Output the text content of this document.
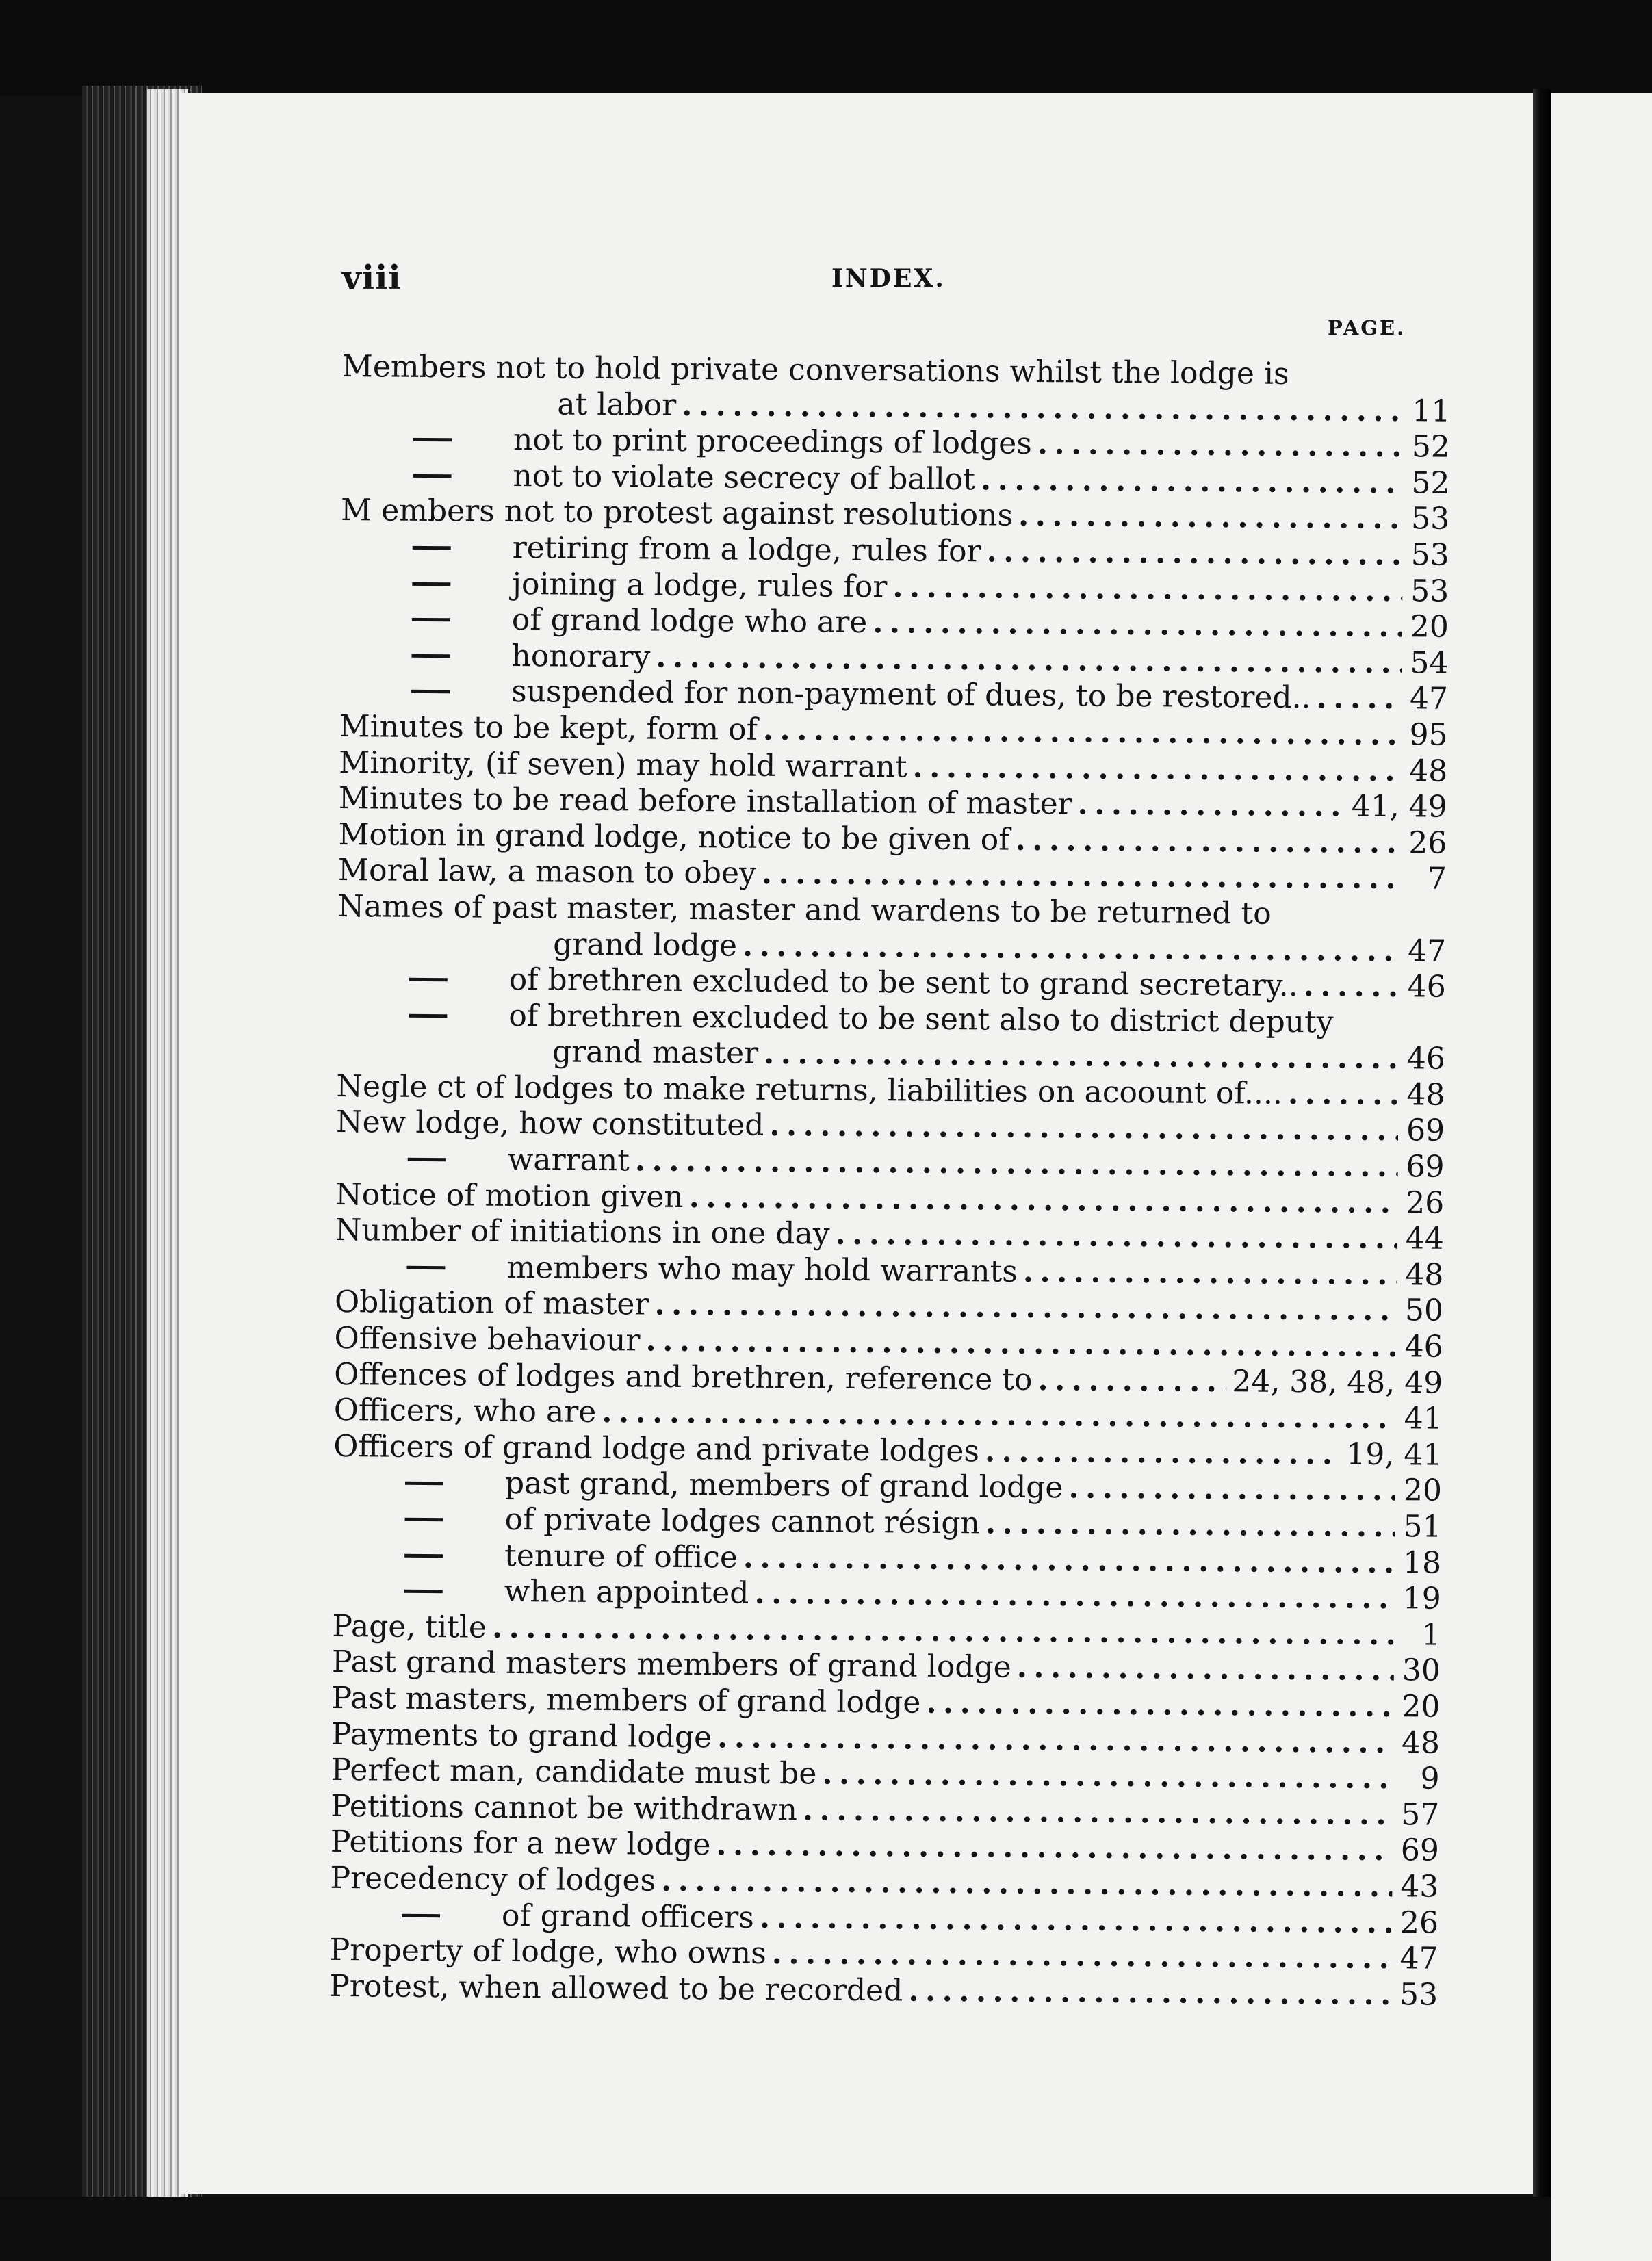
viii	INDEX.
PAGE.
Members not to hold private conversations whilst the lodge is
at labor . . .	11
not to print proceedings of lodges . . .	52
not to violate secrecy of ballot . . .	52
M embers not to protest against resolutions . . .	53
retiring from a lodge, rules for . . .	53
joining a lodge, rules for . . .	53
of grand lodge who are . . .	20
honorary . . .	54
suspended for non-payment of dues, to be restored.. . . .	47
Minutes to be kept, form of . . .	95
Minority, (if seven) may hold warrant . . .	48
Minutes to be read before installation of master . . .	41, 49
Motion in grand lodge, notice to be given of . . .	26
Moral law, a mason to obey . . .	7
Names of past master, master and wardens to be returned to
grand lodge . . .	47
of brethren excluded to be sent to grand secretary.. . . .	46
of brethren excluded to be sent also to district deputy
grand master . . .	46
Negle ct of lodges to make returns, liabilities on acoount of.... . . .	48
New lodge, how constituted . . .	69
warrant . . .	69
Notice of motion given . . .	26
Number of initiations in one day . . .	44
members who may hold warrants . . .	48
Obligation of master . . .	50
Offensive behaviour . . .	46
Offences of lodges and brethren, reference to . . .	24, 38, 48, 49
Officers, who are . . .	41
Officers of grand lodge and private lodges . . .	19, 41
past grand, members of grand lodge . . .	20
of private lodges cannot résign . . .	51
tenure of office . . .	18
when appointed . . .	19
Page, title . . .	1
Past grand masters members of grand lodge . . .	30
Past masters, members of grand lodge . . .	20
Payments to grand lodge . . .	48
Perfect man, candidate must be . . .	9
Petitions cannot be withdrawn . . .	57
Petitions for a new lodge . . .	69
Precedency of lodges . . .	43
of grand officers . . .	26
Property of lodge, who owns . . .	47
Protest, when allowed to be recorded . . .	53
